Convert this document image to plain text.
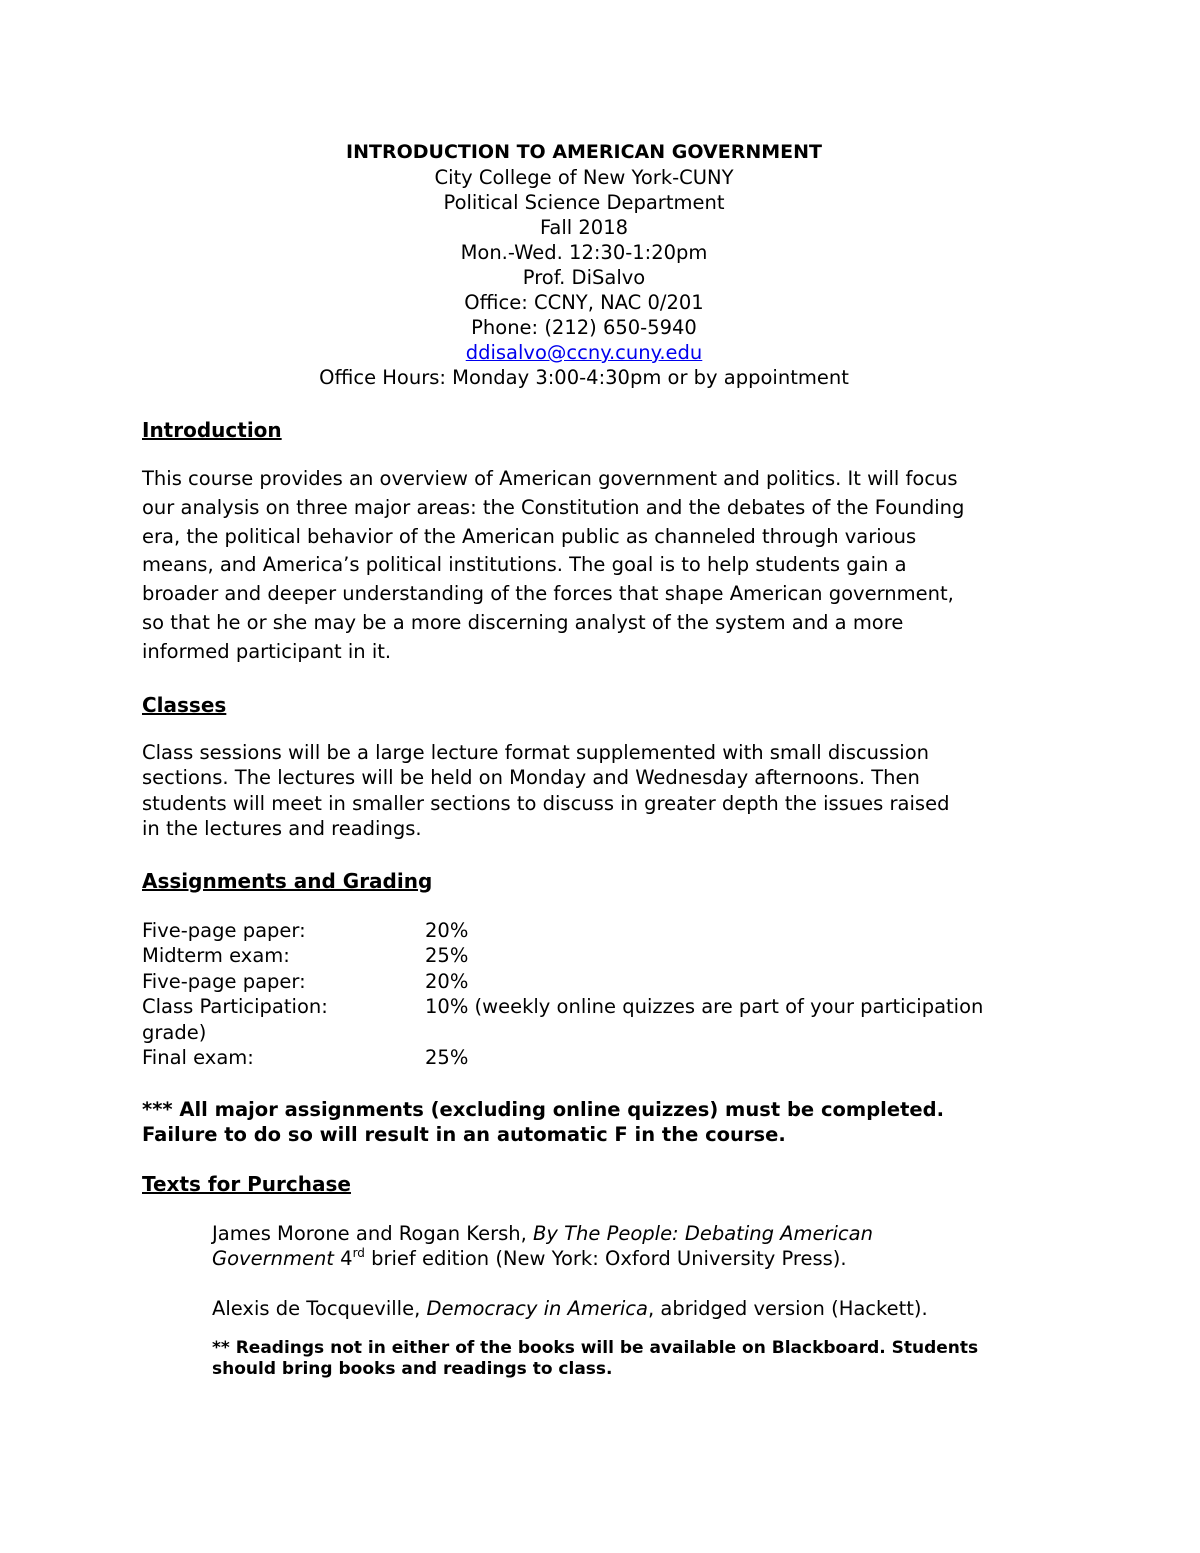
INTRODUCTION TO AMERICAN GOVERNMENT
City College of New York-CUNY
Political Science Department
Fall 2018
Mon.-Wed. 12:30-1:20pm
Prof. DiSalvo
Office: CCNY, NAC 0/201
Phone: (212) 650-5940
ddisalvo@ccny.cuny.edu
Office Hours: Monday 3:00-4:30pm or by appointment
Introduction
This course provides an overview of American government and politics. It will focus
our analysis on three major areas: the Constitution and the debates of the Founding
era, the political behavior of the American public as channeled through various
means, and America’s political institutions. The goal is to help students gain a
broader and deeper understanding of the forces that shape American government,
so that he or she may be a more discerning analyst of the system and a more
informed participant in it.
Classes
Class sessions will be a large lecture format supplemented with small discussion
sections. The lectures will be held on Monday and Wednesday afternoons. Then
students will meet in smaller sections to discuss in greater depth the issues raised
in the lectures and readings.
Assignments and Grading
Five-page paper:	20%
Midterm exam:	25%
Five-page paper:	20%
Class Participation:	10% (weekly online quizzes are part of your participation
grade)
Final exam:	25%
*** All major assignments (excluding online quizzes) must be completed.
Failure to do so will result in an automatic F in the course.
Texts for Purchase
James Morone and Rogan Kersh, By The People: Debating American
Government 4rd brief edition (New York: Oxford University Press).
Alexis de Tocqueville, Democracy in America, abridged version (Hackett).
** Readings not in either of the books will be available on Blackboard. Students
should bring books and readings to class.
